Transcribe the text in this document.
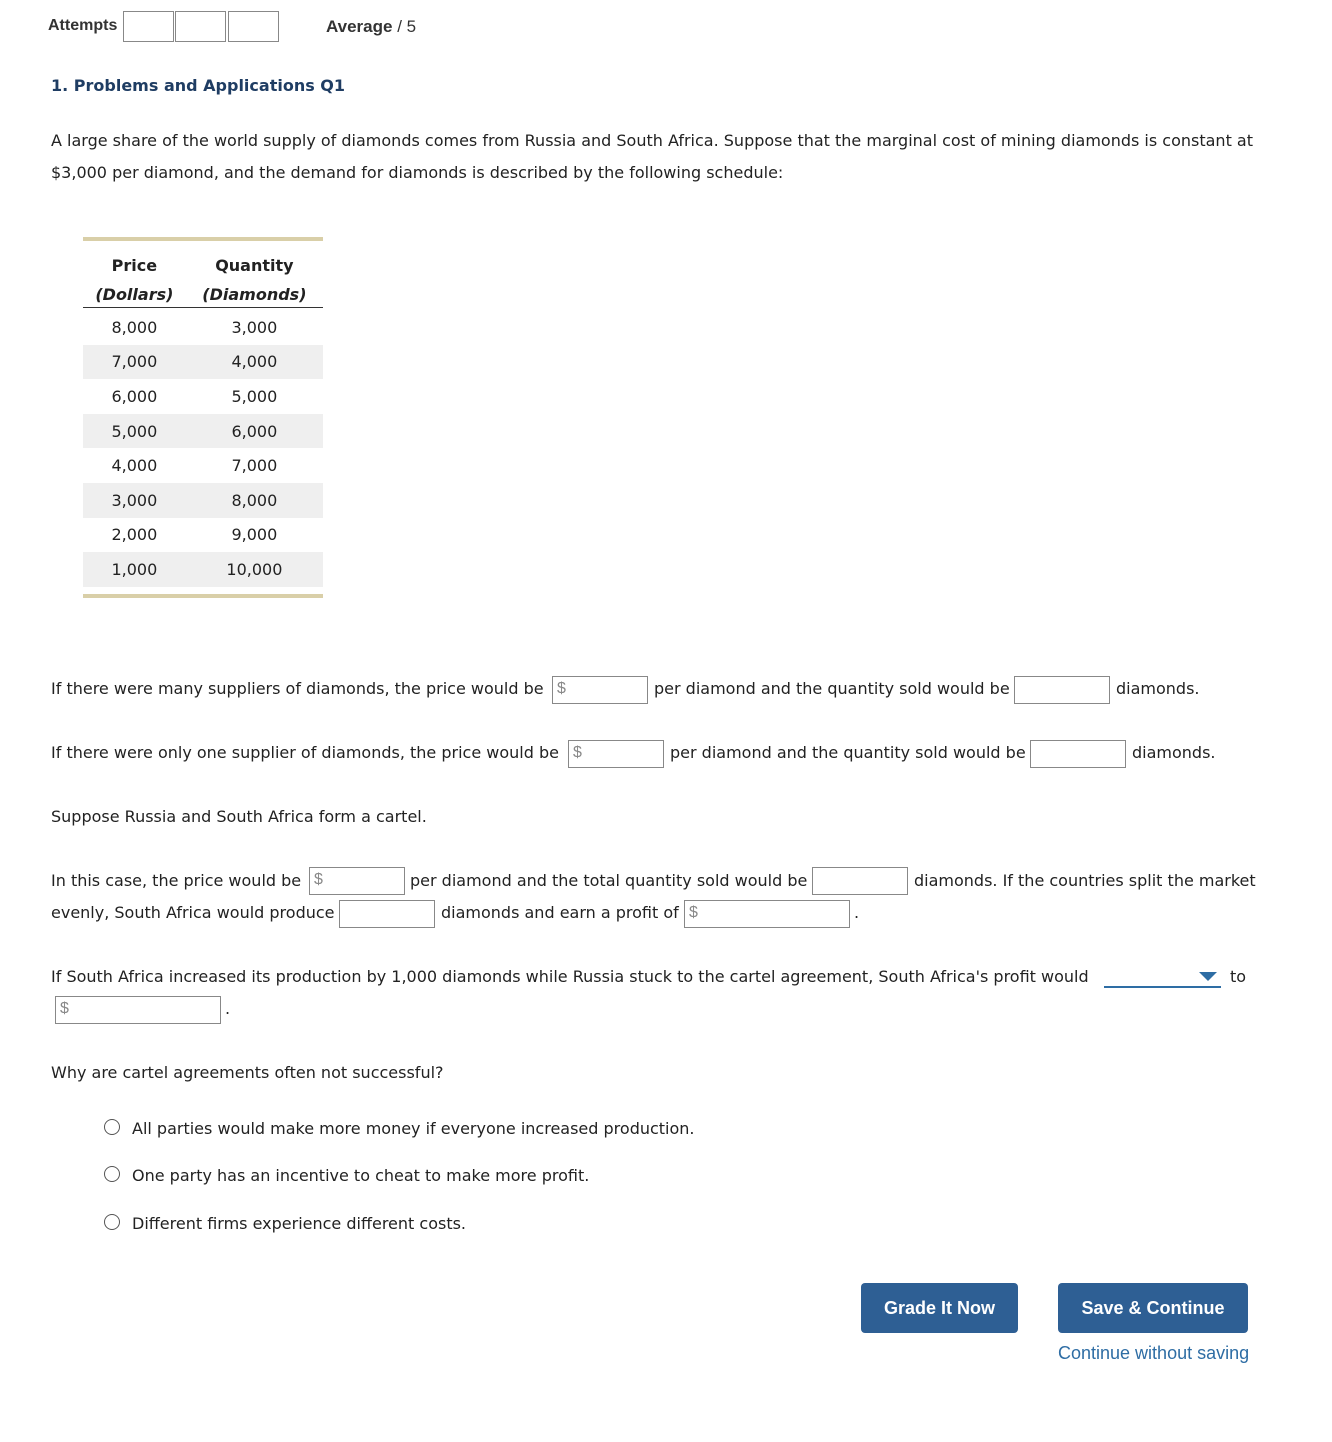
Attempts	Average / 5
1. Problems and Applications Q1
A large share of the world supply of diamonds comes from Russia and South Africa. Suppose that the marginal cost of mining diamonds is constant at
$3,000 per diamond, and the demand for diamonds is described by the following schedule:

Price	Quantity
(Dollars)	(Diamonds)
8,000	3,000
7,000	4,000
6,000	5,000
5,000	6,000
4,000	7,000
3,000	8,000
2,000	9,000
1,000	10,000
If there were many suppliers of diamonds, the price would be $	per diamond and the quantity sold would be	diamonds.
If there were only one supplier of diamonds, the price would be $	per diamond and the quantity sold would be	diamonds.
Suppose Russia and South Africa form a cartel.
In this case, the price would be $	per diamond and the total quantity sold would be	diamonds. If the countries split the market
evenly, South Africa would produce	diamonds and earn a profit of $	.
If South Africa increased its production by 1,000 diamonds while Russia stuck to the cartel agreement, South Africa's profit would	to
$	.
Why are cartel agreements often not successful?
All parties would make more money if everyone increased production.
One party has an incentive to cheat to make more profit.
Different firms experience different costs.
Grade It Now	Save & Continue
Continue without saving
